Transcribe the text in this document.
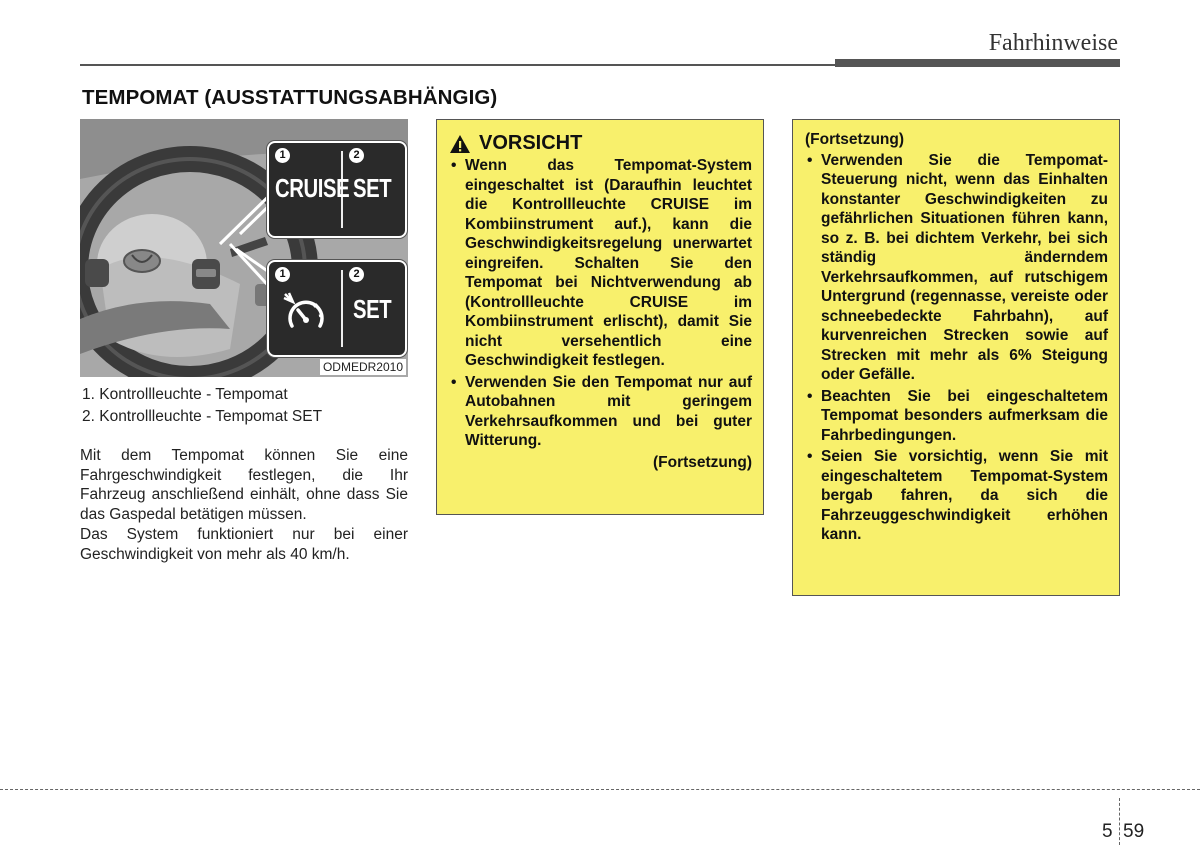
Fahrhinweise
TEMPOMAT (AUSSTATTUNGSABHÄNGIG)
ODMEDR2010
1	2
CRUISE SET
1	2
SET
1. Kontrollleuchte - Tempomat
2. Kontrollleuchte - Tempomat SET

Mit dem Tempomat können Sie eine Fahrgeschwindigkeit festlegen, die Ihr Fahrzeug anschließend einhält, ohne dass Sie das Gaspedal betätigen müssen.

Das System funktioniert nur bei einer Geschwindigkeit von mehr als 40 km/h.

VORSICHT
• Wenn das Tempomat-System eingeschaltet ist (Daraufhin leuchtet die Kontrollleuchte CRUISE im Kombiinstrument auf.), kann die Geschwindigkeitsregelung unerwartet eingreifen. Schalten Sie den Tempomat bei Nichtverwendung ab (Kontrollleuchte CRUISE im Kombiinstrument erlischt), damit Sie nicht versehentlich eine Geschwindigkeit festlegen.
• Verwenden Sie den Tempomat nur auf Autobahnen mit geringem Verkehrsaufkommen und bei guter Witterung.
(Fortsetzung)
(Fortsetzung)
• Verwenden Sie die Tempomat-Steuerung nicht, wenn das Einhalten konstanter Geschwindigkeiten zu gefährlichen Situationen führen kann, so z. B. bei dichtem Verkehr, bei sich ständig änderndem Verkehrsaufkommen, auf rutschigem Untergrund (regennasse, vereiste oder schneebedeckte Fahrbahn), auf kurvenreichen Strecken sowie auf Strecken mit mehr als 6% Steigung oder Gefälle.
• Beachten Sie bei eingeschaltetem Tempomat besonders aufmerksam die Fahrbedingungen.
• Seien Sie vorsichtig, wenn Sie mit eingeschaltetem Tempomat-System bergab fahren, da sich die Fahrzeuggeschwindigkeit erhöhen kann.
5 59
